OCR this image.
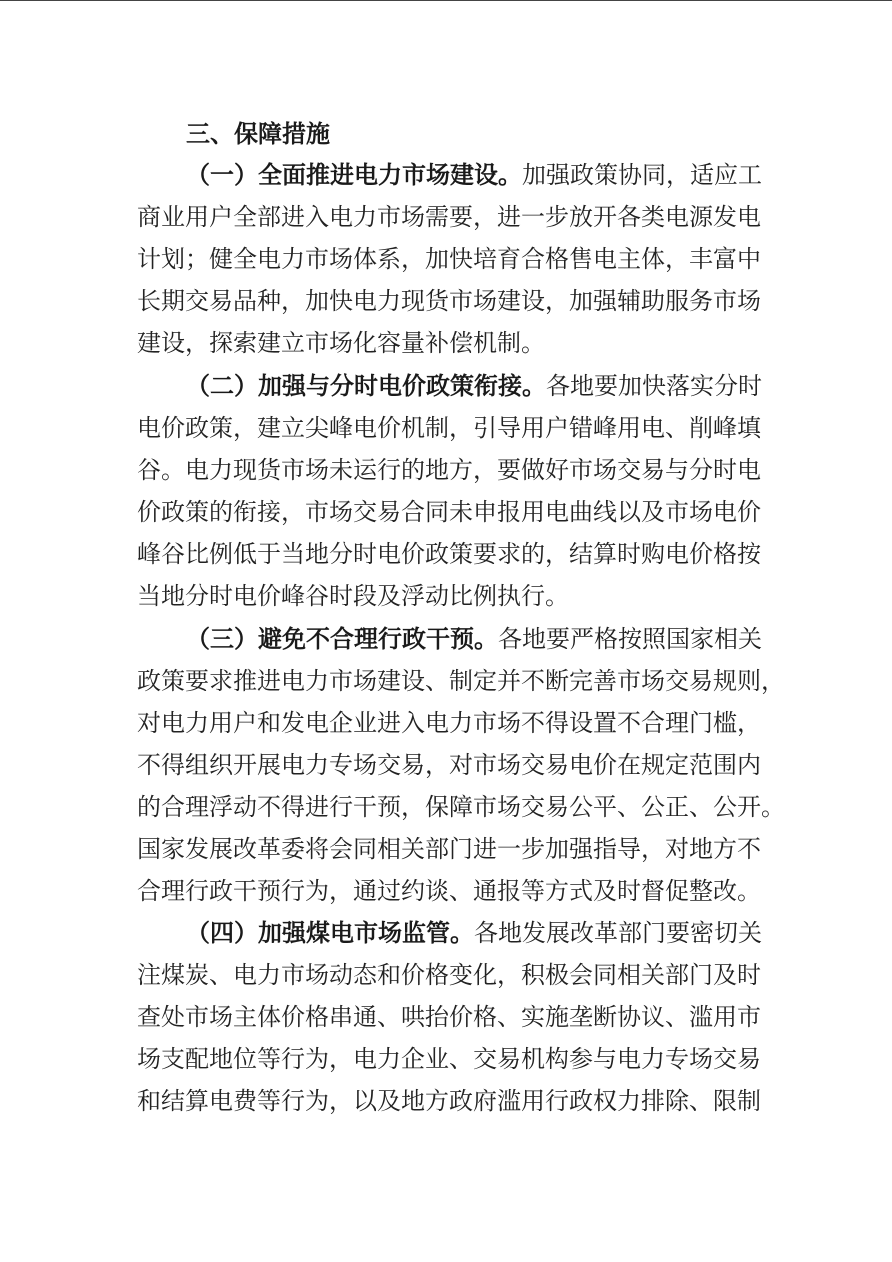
三、保障措施
（一）全面推进电力市场建设。加强政策协同，适应工
商业用户全部进入电力市场需要，进一步放开各类电源发电
计划；健全电力市场体系，加快培育合格售电主体，丰富中
长期交易品种，加快电力现货市场建设，加强辅助服务市场
建设，探索建立市场化容量补偿机制。
（二）加强与分时电价政策衔接。各地要加快落实分时
电价政策，建立尖峰电价机制，引导用户错峰用电、削峰填
谷。电力现货市场未运行的地方，要做好市场交易与分时电
价政策的衔接，市场交易合同未申报用电曲线以及市场电价
峰谷比例低于当地分时电价政策要求的，结算时购电价格按
当地分时电价峰谷时段及浮动比例执行。
（三）避免不合理行政干预。各地要严格按照国家相关
政策要求推进电力市场建设、制定并不断完善市场交易规则，
对电力用户和发电企业进入电力市场不得设置不合理门槛，
不得组织开展电力专场交易，对市场交易电价在规定范围内
的合理浮动不得进行干预，保障市场交易公平、公正、公开。
国家发展改革委将会同相关部门进一步加强指导，对地方不
合理行政干预行为，通过约谈、通报等方式及时督促整改。
（四）加强煤电市场监管。各地发展改革部门要密切关
注煤炭、电力市场动态和价格变化，积极会同相关部门及时
查处市场主体价格串通、哄抬价格、实施垄断协议、滥用市
场支配地位等行为，电力企业、交易机构参与电力专场交易
和结算电费等行为，以及地方政府滥用行政权力排除、限制
